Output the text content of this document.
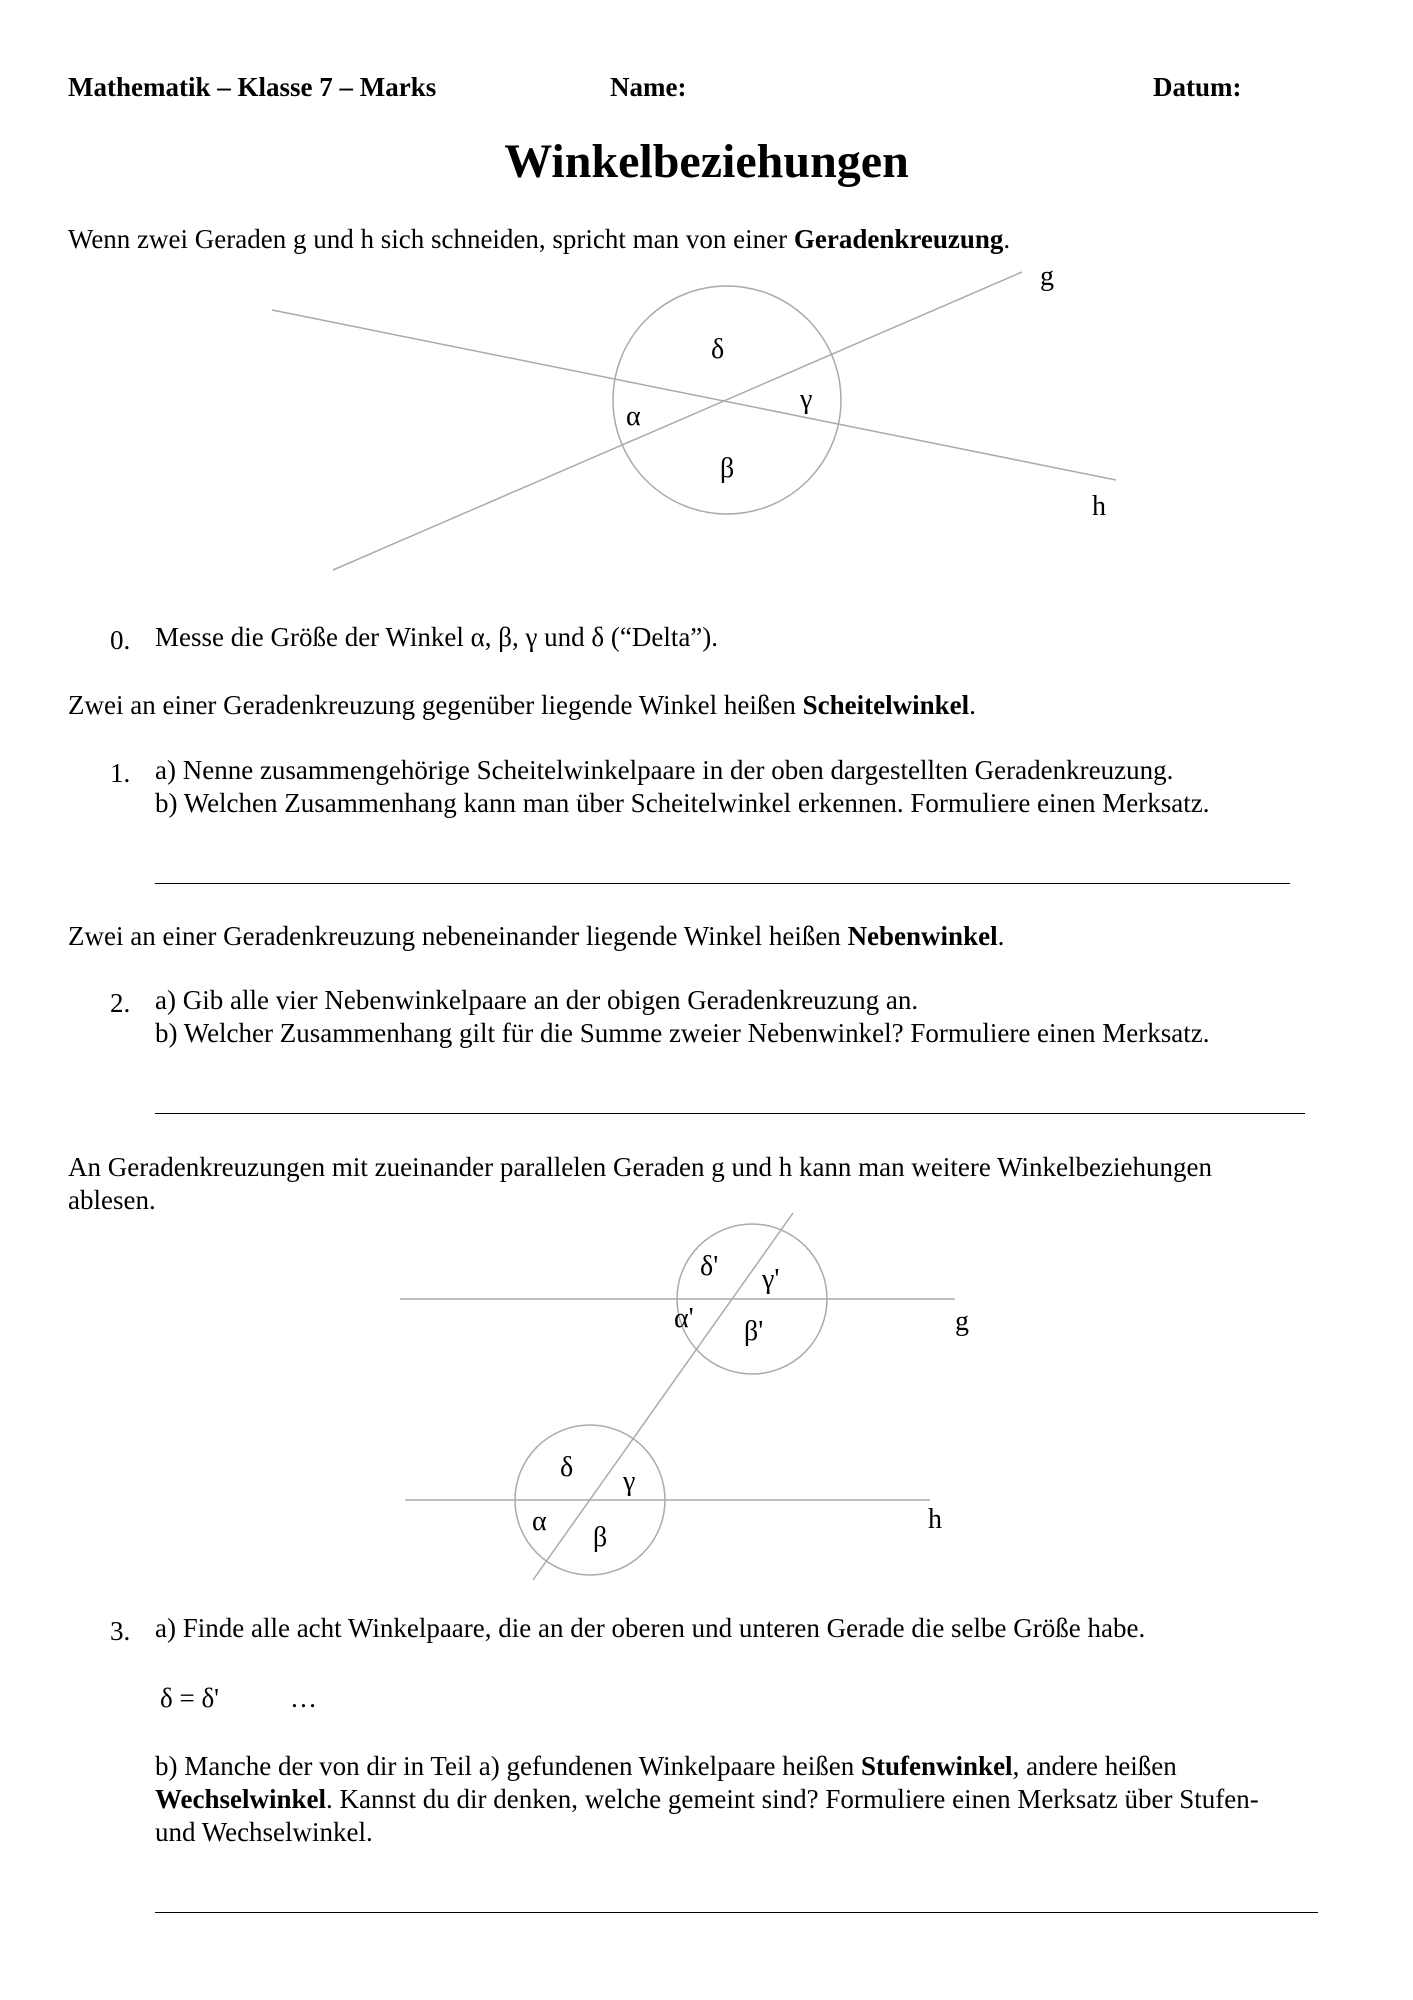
Mathematik – Klasse 7 – Marks	Name:	Datum:
Winkelbeziehungen
Wenn zwei Geraden g und h sich schneiden, spricht man von einer Geradenkreuzung.
g
h
δ
α
γ
β
g
h
δ' γ'
α' β'
δ γ
α
β
0. Messe die Größe der Winkel α, β, γ und δ (“Delta”).
Zwei an einer Geradenkreuzung gegenüber liegende Winkel heißen Scheitelwinkel.
1. a) Nenne zusammengehörige Scheitelwinkelpaare in der oben dargestellten Geradenkreuzung.
b) Welchen Zusammenhang kann man über Scheitelwinkel erkennen. Formuliere einen Merksatz.
Zwei an einer Geradenkreuzung nebeneinander liegende Winkel heißen Nebenwinkel.
2. a) Gib alle vier Nebenwinkelpaare an der obigen Geradenkreuzung an.
b) Welcher Zusammenhang gilt für die Summe zweier Nebenwinkel? Formuliere einen Merksatz.
An Geradenkreuzungen mit zueinander parallelen Geraden g und h kann man weitere Winkelbeziehungen
ablesen.
3. a) Finde alle acht Winkelpaare, die an der oberen und unteren Gerade die selbe Größe habe.
δ = δ'	…
b) Manche der von dir in Teil a) gefundenen Winkelpaare heißen Stufenwinkel, andere heißen
Wechselwinkel. Kannst du dir denken, welche gemeint sind? Formuliere einen Merksatz über Stufen-
und Wechselwinkel.
